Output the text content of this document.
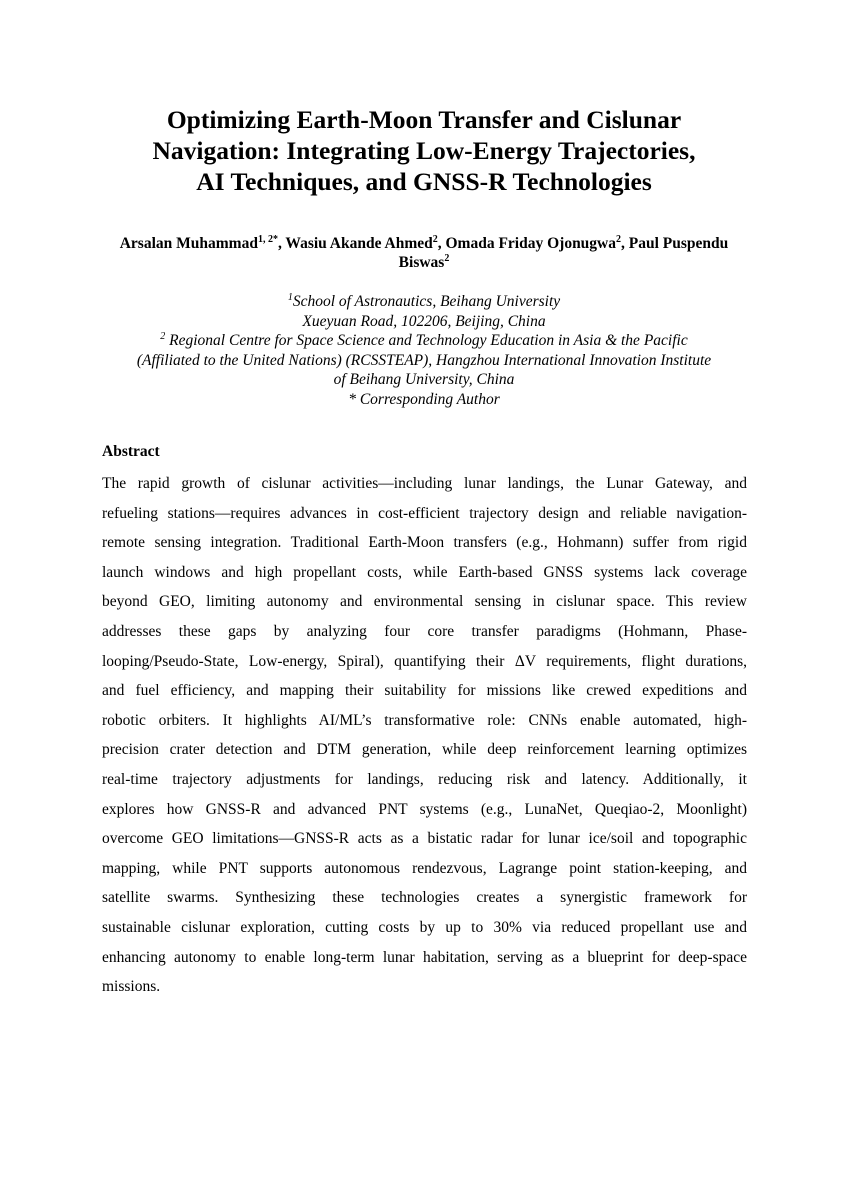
Optimizing Earth-Moon Transfer and Cislunar
Navigation: Integrating Low-Energy Trajectories,
AI Techniques, and GNSS-R Technologies

Arsalan Muhammad$^{1, 2*}$, Wasiu Akande Ahmed$^2$, Omada Friday Ojonugwa$^2$, Paul Puspendu Biswas$^2$

$^1$School of Astronautics, Beihang University
Xueyuan Road, 102206, Beijing, China
$^2$ Regional Centre for Space Science and Technology Education in Asia & the Pacific
(Affiliated to the United Nations) (RCSSTEAP), Hangzhou International Innovation Institute
of Beihang University, China
* Corresponding Author
Abstract
The rapid growth of cislunar activities—including lunar landings, the Lunar Gateway, and
refueling stations—requires advances in cost-efficient trajectory design and reliable navigation-
remote sensing integration. Traditional Earth-Moon transfers (e.g., Hohmann) suffer from rigid
launch windows and high propellant costs, while Earth-based GNSS systems lack coverage
beyond GEO, limiting autonomy and environmental sensing in cislunar space. This review
addresses these gaps by analyzing four core transfer paradigms (Hohmann, Phase-
looping/Pseudo-State, Low-energy, Spiral), quantifying their ΔV requirements, flight durations,
and fuel efficiency, and mapping their suitability for missions like crewed expeditions and
robotic orbiters. It highlights AI/ML’s transformative role: CNNs enable automated, high-
precision crater detection and DTM generation, while deep reinforcement learning optimizes
real-time trajectory adjustments for landings, reducing risk and latency. Additionally, it
explores how GNSS-R and advanced PNT systems (e.g., LunaNet, Queqiao-2, Moonlight)
overcome GEO limitations—GNSS-R acts as a bistatic radar for lunar ice/soil and topographic
mapping, while PNT supports autonomous rendezvous, Lagrange point station-keeping, and
satellite swarms. Synthesizing these technologies creates a synergistic framework for
sustainable cislunar exploration, cutting costs by up to 30% via reduced propellant use and
enhancing autonomy to enable long-term lunar habitation, serving as a blueprint for deep-space
missions.
